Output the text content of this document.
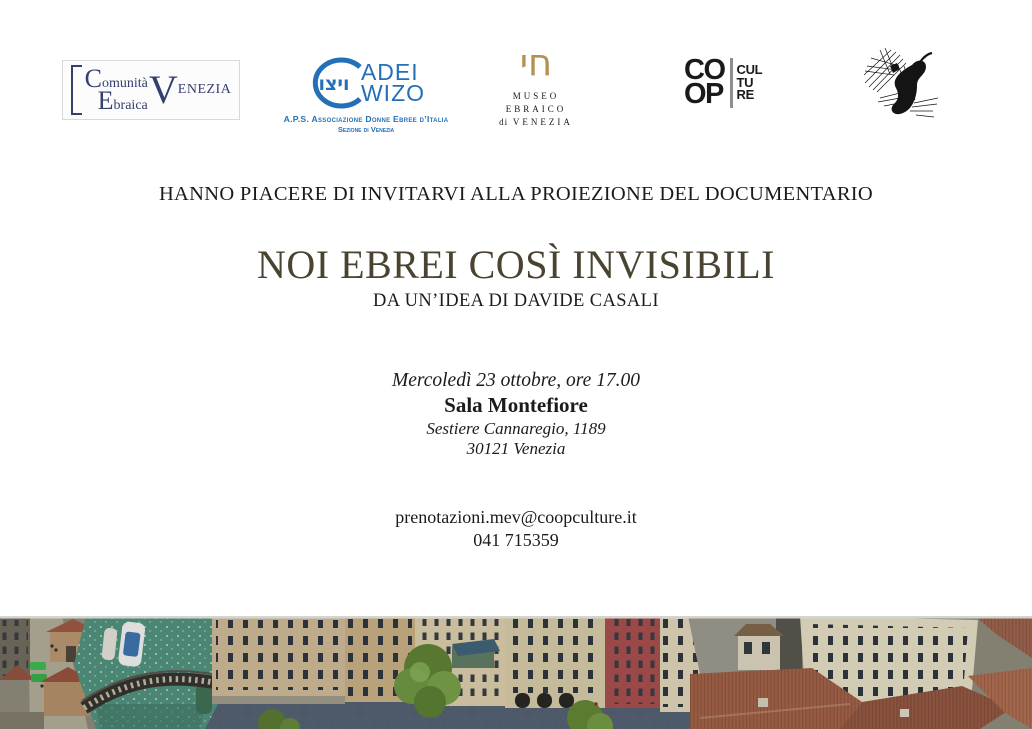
Comunità
Ebraica V ENEZIA	ויצו ADEI
WIZO
A.P.S. Associazione Donne Ebree d’Italia
Sezione di Venezia
חי
MUSEO
EBRAICO
di  VENEZIA
CO
OP
CUL
TU
RE
HANNO PIACERE DI INVITARVI ALLA PROIEZIONE DEL DOCUMENTARIO
NOI EBREI COSÌ INVISIBILI
DA UN’IDEA DI DAVIDE CASALI
Mercoledì 23 ottobre, ore 17.00
Sala Montefiore
Sestiere Cannaregio, 1189
30121 Venezia
prenotazioni.mev@coopculture.it
041 715359
